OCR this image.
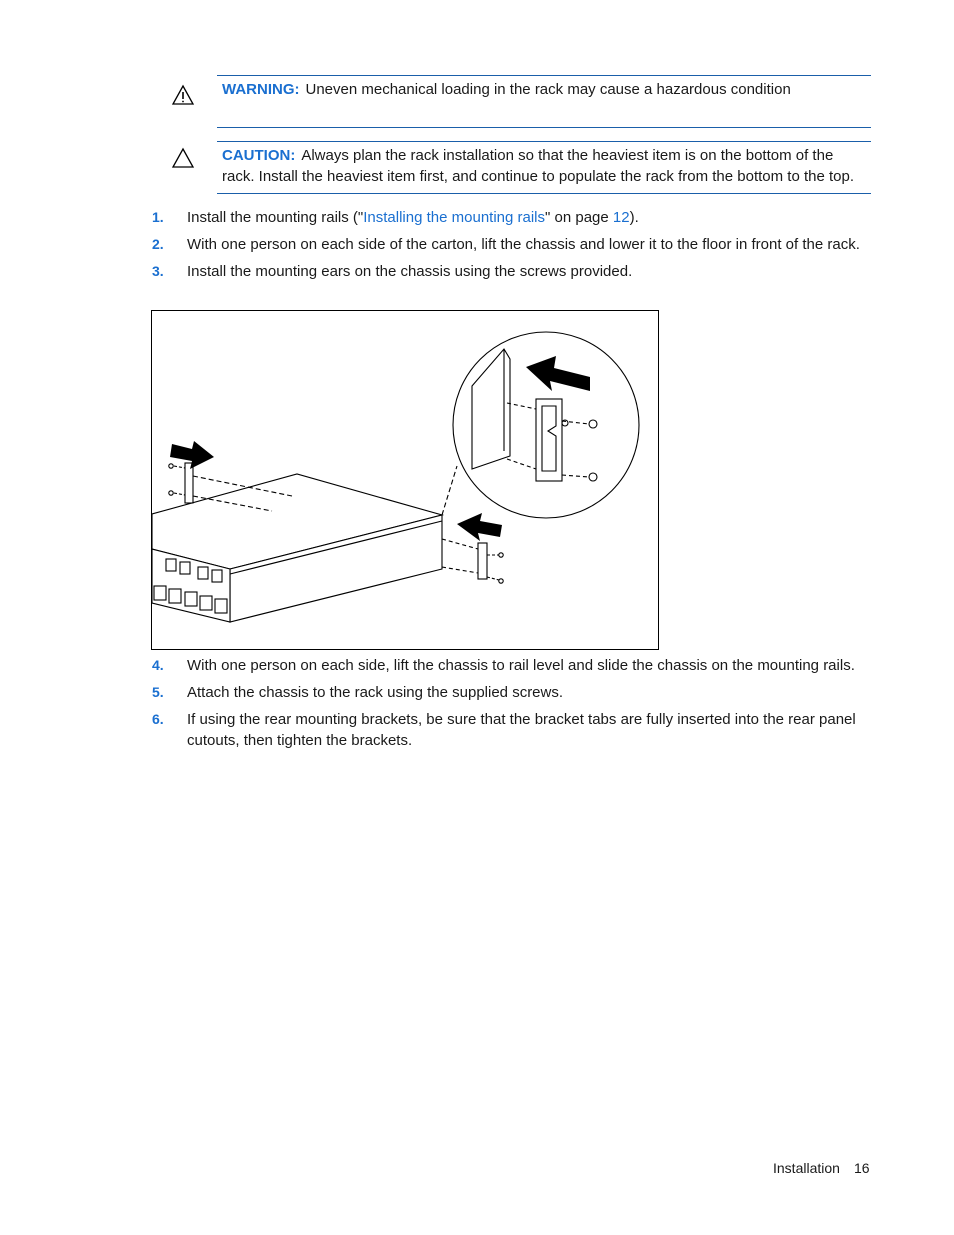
WARNING: Uneven mechanical loading in the rack may cause a hazardous condition
CAUTION: Always plan the rack installation so that the heaviest item is on the bottom of the rack. Install the heaviest item first, and continue to populate the rack from the bottom to the top.
1. Install the mounting rails ("Installing the mounting rails" on page 12).
2. With one person on each side of the carton, lift the chassis and lower it to the floor in front of the rack.
3. Install the mounting ears on the chassis using the screws provided.
4. With one person on each side, lift the chassis to rail level and slide the chassis on the mounting rails.
5. Attach the chassis to the rack using the supplied screws.
6. If using the rear mounting brackets, be sure that the bracket tabs are fully inserted into the rear panel cutouts, then tighten the brackets.
Installation 16
